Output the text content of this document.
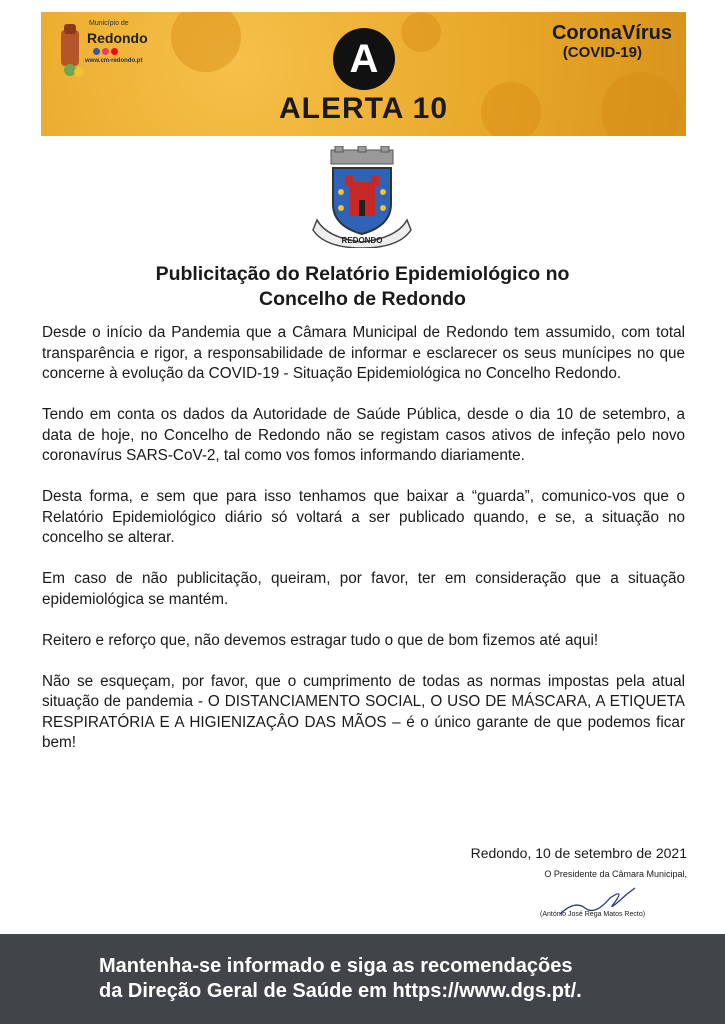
Município de
Redondo
www.cm-redondo.pt	A
ALERTA 10
CoronaVírus
(COVID-19)
REDONDO
Publicitação do Relatório Epidemiológico no
Concelho de Redondo

Desde o início da Pandemia que a Câmara Municipal de Redondo tem assumido, com total transparência e rigor, a responsabilidade de informar e esclarecer os seus munícipes no que concerne à evolução da COVID-19 - Situação Epidemiológica no Concelho Redondo.

Tendo em conta os dados da Autoridade de Saúde Pública, desde o dia 10 de setembro, a data de hoje, no Concelho de Redondo não se registam casos ativos de infeção pelo novo coronavírus SARS-CoV-2, tal como vos fomos informando diariamente.

Desta forma, e sem que para isso tenhamos que baixar a “guarda”, comunico-vos que o Relatório Epidemiológico diário só voltará a ser publicado quando, e se, a situação no concelho se alterar.

Em caso de não publicitação, queiram, por favor, ter em consideração que a situação epidemiológica se mantém.

Reitero e reforço que, não devemos estragar tudo o que de bom fizemos até aqui!

Não se esqueçam, por favor, que o cumprimento de todas as normas impostas pela atual situação de pandemia - O DISTANCIAMENTO SOCIAL, O USO DE MÁSCARA, A ETIQUETA RESPIRATÓRIA E A HIGIENIZAÇÂO DAS MÃOS – é o único garante de que podemos ficar bem!

Redondo, 10 de setembro de 2021
O Presidente da Câmara Municipal,
(António José Rega Matos Recto)
Mantenha-se informado e siga as recomendações
da Direção Geral de Saúde em https://www.dgs.pt/.
